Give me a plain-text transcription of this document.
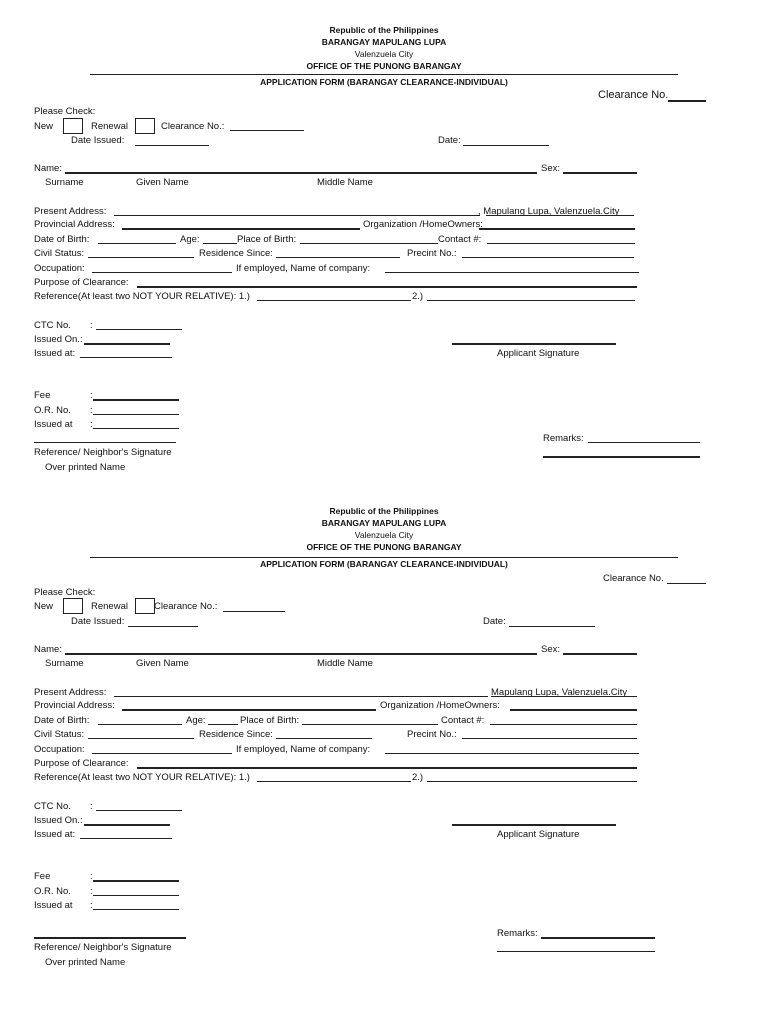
Republic of the Philippines
BARANGAY MAPULANG LUPA
Valenzuela City
OFFICE OF THE PUNONG BARANGAY
APPLICATION FORM (BARANGAY CLEARANCE-INDIVIDUAL)
Clearance No.
Please Check:
New	Renewal	Clearance No.:
Date Issued:	Date:
Name:	Sex:
Surname	Given Name	Middle Name
Present Address:	, Mapulang Lupa, Valenzuela.City
Provincial Address:	Organization /HomeOwners:
Date of Birth:	Age:	Place of Birth:	Contact #:
Civil Status:	Residence Since:	Precint No.:
Occupation:	If employed, Name of company:
Purpose of Clearance:
Reference(At least two NOT YOUR RELATIVE): 1.)	2.)
CTC No. :
Issued On.:
Issued at:	Applicant Signature
Fee	:
O.R. No. :
Issued at :
Remarks:
Reference/ Neighbor's Signature
Over printed Name
Republic of the Philippines
BARANGAY MAPULANG LUPA
Valenzuela City
OFFICE OF THE PUNONG BARANGAY
APPLICATION FORM (BARANGAY CLEARANCE-INDIVIDUAL)
Clearance No.
Please Check:
New	Renewal	Clearance No.:
Date Issued:	Date:
Name:	Sex:
Surname	Given Name	Middle Name
Present Address:	Mapulang Lupa, Valenzuela.City
Provincial Address:	Organization /HomeOwners:
Date of Birth:	Age:	Place of Birth:	Contact #:
Civil Status:	Residence Since:	Precint No.:
Occupation:	If employed, Name of company:
Purpose of Clearance:
Reference(At least two NOT YOUR RELATIVE): 1.)	2.)
CTC No. :
Issued On.:
Issued at:	Applicant Signature
Fee	:
O.R. No. :
Issued at :
Remarks:
Reference/ Neighbor's Signature
Over printed Name
